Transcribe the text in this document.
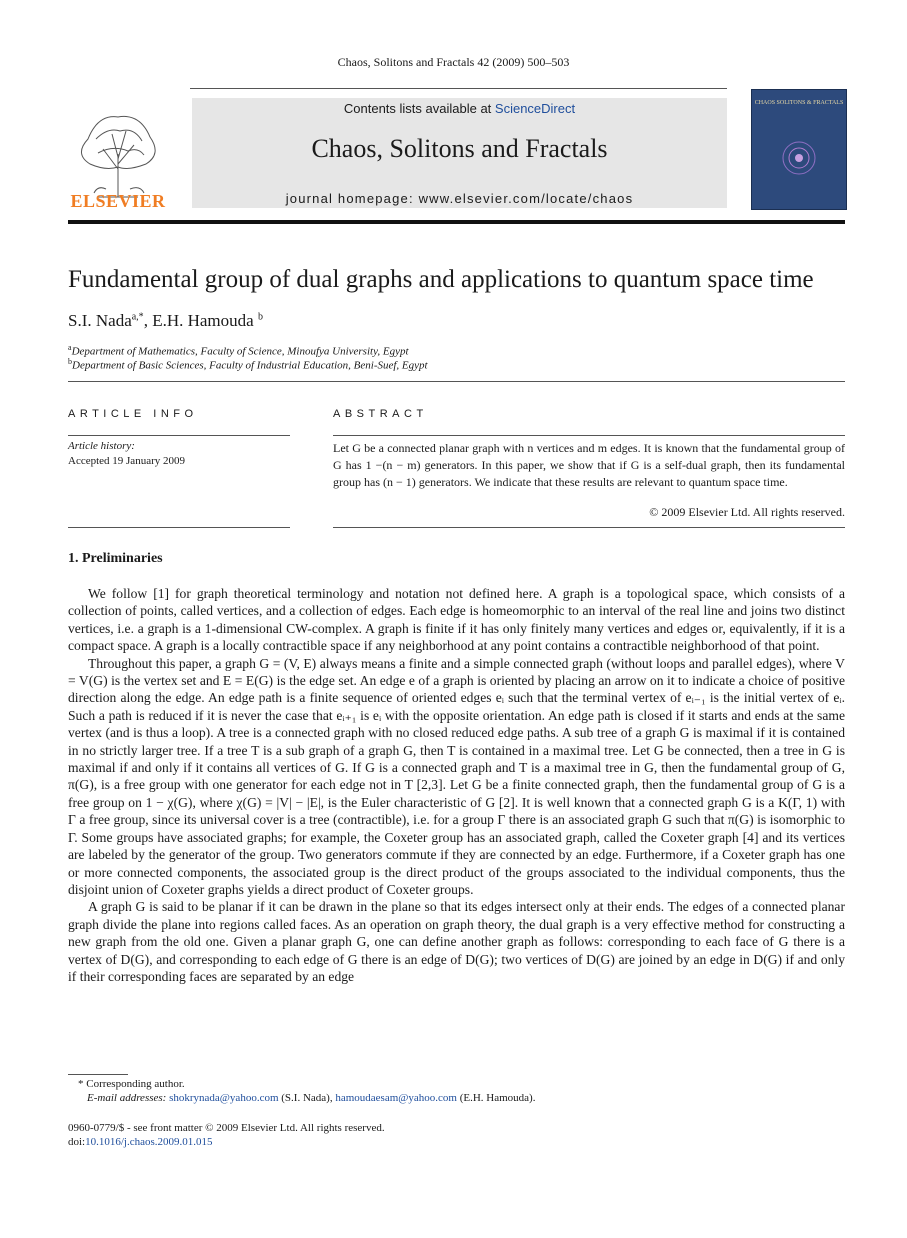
Chaos, Solitons and Fractals 42 (2009) 500–503
ELSEVIER
Contents lists available at ScienceDirect
Chaos, Solitons and Fractals
journal homepage: www.elsevier.com/locate/chaos
CHAOS SOLITONS & FRACTALS
Fundamental group of dual graphs and applications to quantum space time
S.I. Nada$^{a,*}$, E.H. Hamouda $^b$
$^a$Department of Mathematics, Faculty of Science, Minoufya University, Egypt
$^b$Department of Basic Sciences, Faculty of Industrial Education, Beni-Suef, Egypt
ARTICLE INFO	ABSTRACT
Article history:
Accepted 19 January 2009
Let G be a connected planar graph with n vertices and m edges. It is known that the fundamental group of G has 1 −(n − m) generators. In this paper, we show that if G is a self-dual graph, then its fundamental group has (n − 1) generators. We indicate that these results are relevant to quantum space time.
© 2009 Elsevier Ltd. All rights reserved.
1. Preliminaries

We follow [1] for graph theoretical terminology and notation not defined here. A graph is a topological space, which consists of a collection of points, called vertices, and a collection of edges. Each edge is homeomorphic to an interval of the real line and joins two distinct vertices, i.e. a graph is a 1-dimensional CW-complex. A graph is finite if it has only finitely many vertices and edges or, equivalently, if it is a compact space. A graph is a locally contractible space if any neighborhood at any point contains a contractible neighborhood of that point.

Throughout this paper, a graph G = (V, E) always means a finite and a simple connected graph (without loops and parallel edges), where V = V(G) is the vertex set and E = E(G) is the edge set. An edge e of a graph is oriented by placing an arrow on it to indicate a choice of positive direction along the edge. An edge path is a finite sequence of oriented edges eᵢ such that the terminal vertex of eᵢ₋₁ is the initial vertex of eᵢ. Such a path is reduced if it is never the case that eᵢ₊₁ is eᵢ with the opposite orientation. An edge path is closed if it starts and ends at the same vertex (and is thus a loop). A tree is a connected graph with no closed reduced edge paths. A sub tree of a graph G is maximal if it is contained in no strictly larger tree. If a tree T is a sub graph of a graph G, then T is contained in a maximal tree. Let G be connected, then a tree in G is maximal if and only if it contains all vertices of G. If G is a connected graph and T is a maximal tree in G, then the fundamental group of G, π(G), is a free group with one generator for each edge not in T [2,3]. Let G be a finite connected graph, then the fundamental group of G is a free group on 1 − χ(G), where χ(G) = |V| − |E|, is the Euler characteristic of G [2]. It is well known that a connected graph G is a K(Γ, 1) with Γ a free group, since its universal cover is a tree (contractible), i.e. for a group Γ there is an associated graph G such that π(G) is isomorphic to Γ. Some groups have associated graphs; for example, the Coxeter group has an associated graph, called the Coxeter graph [4] and its vertices are labeled by the generator of the group. Two generators commute if they are connected by an edge. Furthermore, if a Coxeter graph has one or more connected components, the associated group is the direct product of the groups associated to the individual components, thus the disjoint union of Coxeter graphs yields a direct product of Coxeter groups.

A graph G is said to be planar if it can be drawn in the plane so that its edges intersect only at their ends. The edges of a connected planar graph divide the plane into regions called faces. As an operation on graph theory, the dual graph is a very effective method for constructing a new graph from the old one. Given a planar graph G, one can define another graph as follows: corresponding to each face of G there is a vertex of D(G), and corresponding to each edge of G there is an edge of D(G); two vertices of D(G) are joined by an edge in D(G) if and only if their corresponding faces are separated by an edge

* Corresponding author.
E-mail addresses: shokrynada@yahoo.com (S.I. Nada), hamoudaesam@yahoo.com (E.H. Hamouda).
0960-0779/$ - see front matter © 2009 Elsevier Ltd. All rights reserved.
doi:10.1016/j.chaos.2009.01.015
